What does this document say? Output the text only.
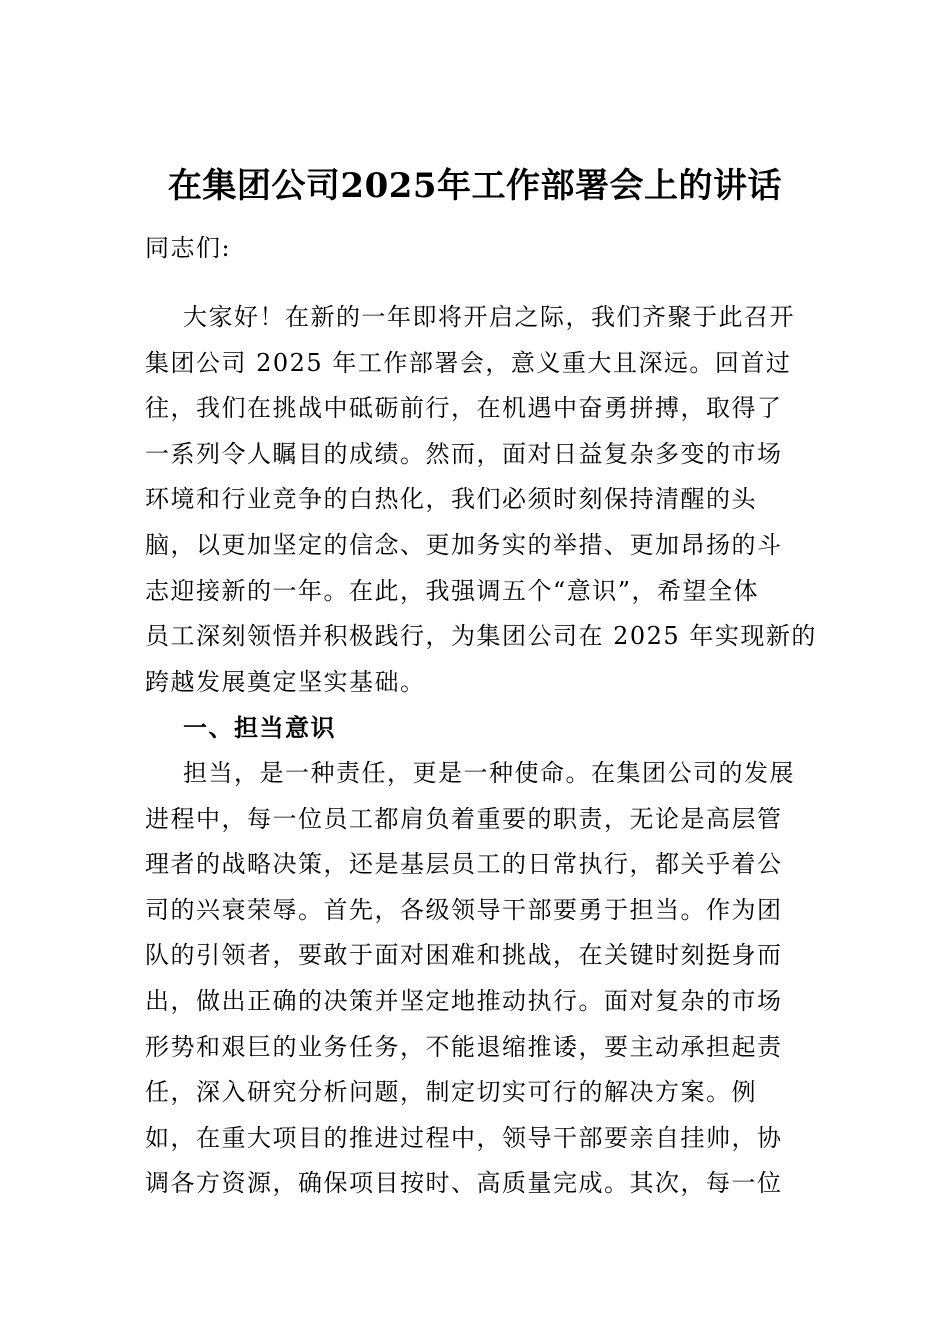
在集团公司2025年工作部署会上的讲话
同志们:
大家好！在新的一年即将开启之际，我们齐聚于此召开
集团公司 2025 年工作部署会，意义重大且深远。回首过
往，我们在挑战中砥砺前行，在机遇中奋勇拼搏，取得了
一系列令人瞩目的成绩。然而，面对日益复杂多变的市场
环境和行业竞争的白热化，我们必须时刻保持清醒的头
脑，以更加坚定的信念、更加务实的举措、更加昂扬的斗
志迎接新的一年。在此，我强调五个“意识”，希望全体
员工深刻领悟并积极践行，为集团公司在 2025 年实现新的
跨越发展奠定坚实基础。
一、担当意识
担当，是一种责任，更是一种使命。在集团公司的发展
进程中，每一位员工都肩负着重要的职责，无论是高层管
理者的战略决策，还是基层员工的日常执行，都关乎着公
司的兴衰荣辱。首先，各级领导干部要勇于担当。作为团
队的引领者，要敢于面对困难和挑战，在关键时刻挺身而
出，做出正确的决策并坚定地推动执行。面对复杂的市场
形势和艰巨的业务任务，不能退缩推诿，要主动承担起责
任，深入研究分析问题，制定切实可行的解决方案。例
如，在重大项目的推进过程中，领导干部要亲自挂帅，协
调各方资源，确保项目按时、高质量完成。其次，每一位
